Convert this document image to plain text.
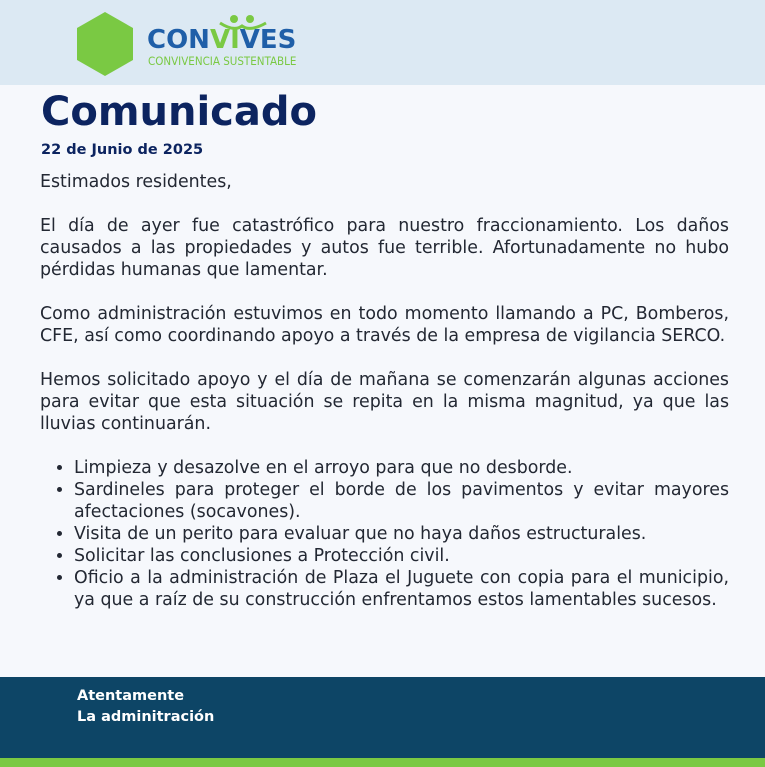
CONVIVES
CONVIVENCIA SUSTENTABLE
Comunicado
22 de Junio de 2025

Estimados residentes,

El día de ayer fue catastrófico para nuestro fraccionamiento. Los daños causados a las propiedades y autos fue terrible. Afortunadamente no hubo pérdidas humanas que lamentar.

Como administración estuvimos en todo momento llamando a PC, Bomberos, CFE, así como coordinando apoyo a través de la empresa de vigilancia SERCO.

Hemos solicitado apoyo y el día de mañana se comenzarán algunas acciones para evitar que esta situación se repita en la misma magnitud, ya que las lluvias continuarán.

• Limpieza y desazolve en el arroyo para que no desborde.
• Sardineles para proteger el borde de los pavimentos y evitar mayores afectaciones (socavones).
• Visita de un perito para evaluar que no haya daños estructurales.
• Solicitar las conclusiones a Protección civil.
• Oficio a la administración de Plaza el Juguete con copia para el municipio, ya que a raíz de su construcción enfrentamos estos lamentables sucesos.
Atentamente
La adminitración
